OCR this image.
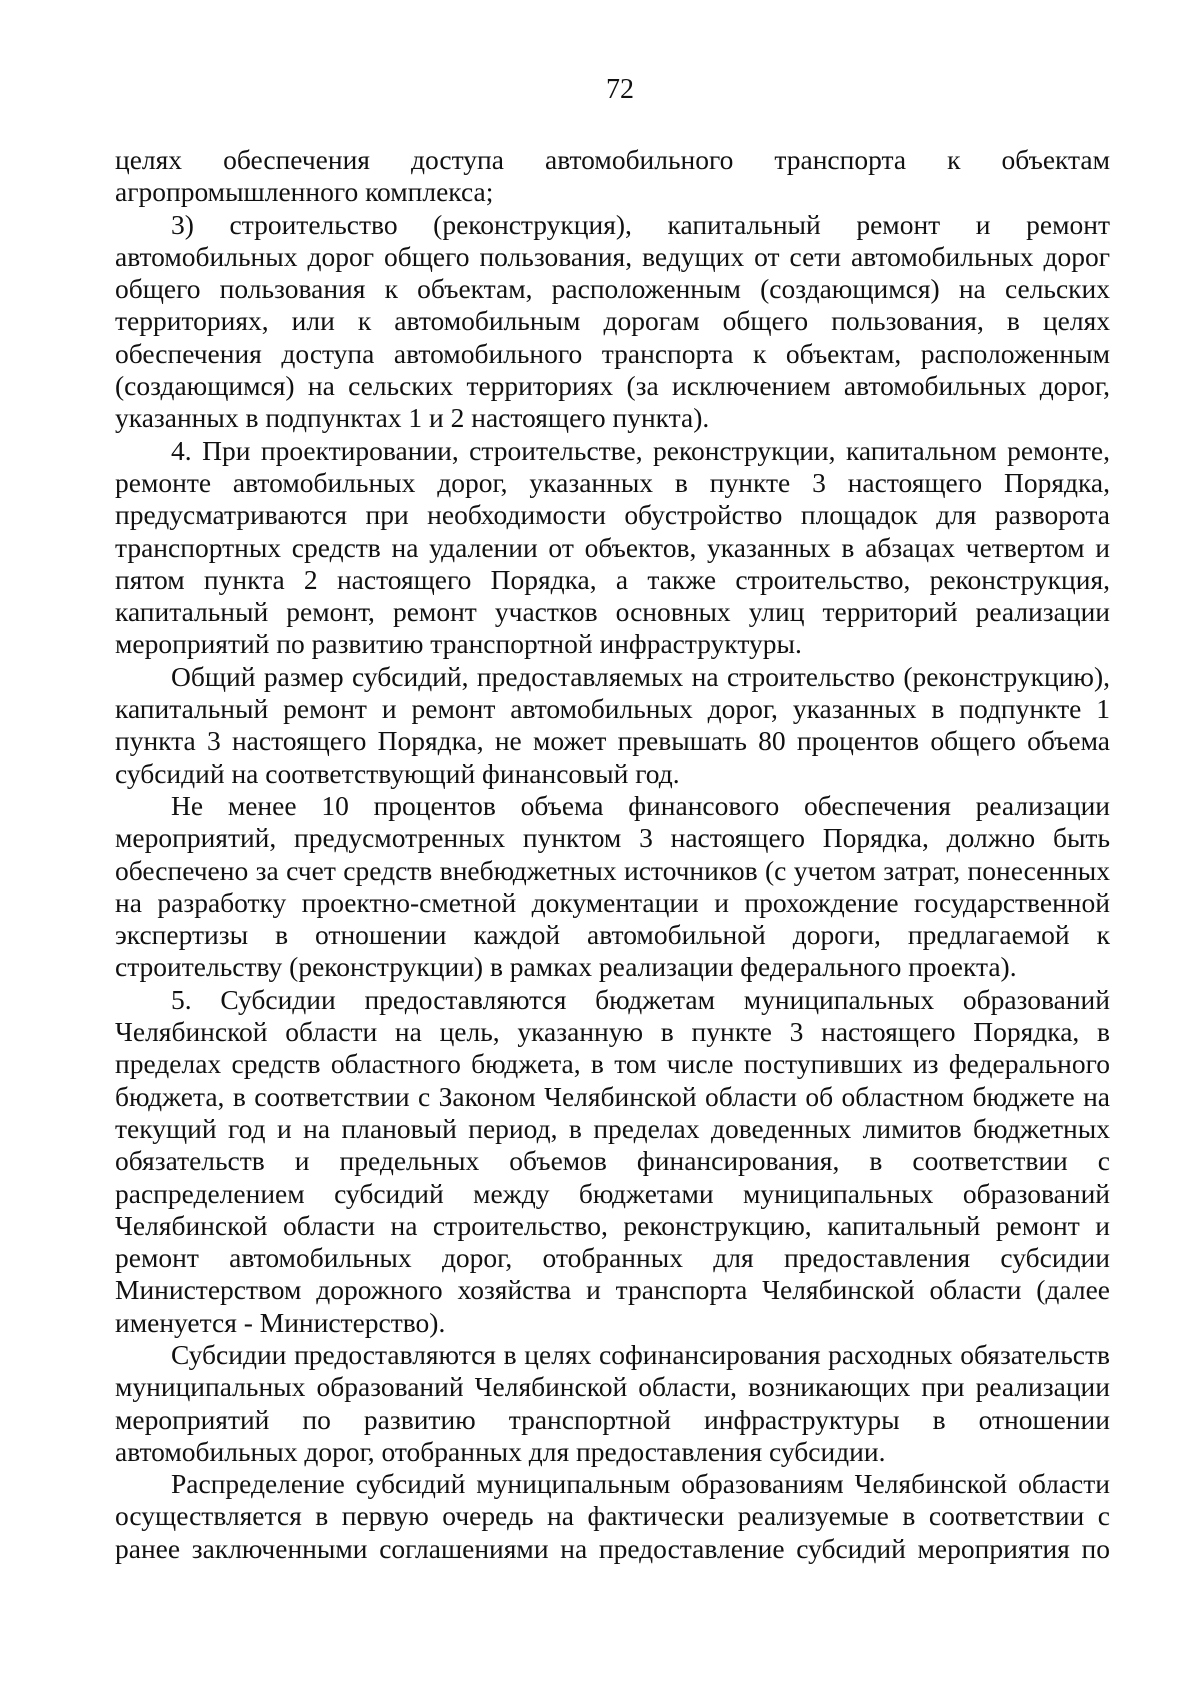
72

целях обеспечения доступа автомобильного транспорта к объектам агропромышленного комплекса;

3) строительство (реконструкция), капитальный ремонт и ремонт автомобильных дорог общего пользования, ведущих от сети автомобильных дорог общего пользования к объектам, расположенным (создающимся) на сельских территориях, или к автомобильным дорогам общего пользования, в целях обеспечения доступа автомобильного транспорта к объектам, расположенным (создающимся) на сельских территориях (за исключением автомобильных дорог, указанных в подпунктах 1 и 2 настоящего пункта).

4. При проектировании, строительстве, реконструкции, капитальном ремонте, ремонте автомобильных дорог, указанных в пункте 3 настоящего Порядка, предусматриваются при необходимости обустройство площадок для разворота транспортных средств на удалении от объектов, указанных в абзацах четвертом и пятом пункта 2 настоящего Порядка, а также строительство, реконструкция, капитальный ремонт, ремонт участков основных улиц территорий реализации мероприятий по развитию транспортной инфраструктуры.

Общий размер субсидий, предоставляемых на строительство (реконструкцию), капитальный ремонт и ремонт автомобильных дорог, указанных в подпункте 1 пункта 3 настоящего Порядка, не может превышать 80 процентов общего объема субсидий на соответствующий финансовый год.

Не менее 10 процентов объема финансового обеспечения реализации мероприятий, предусмотренных пунктом 3 настоящего Порядка, должно быть обеспечено за счет средств внебюджетных источников (с учетом затрат, понесенных на разработку проектно-сметной документации и прохождение государственной экспертизы в отношении каждой автомобильной дороги, предлагаемой к строительству (реконструкции) в рамках реализации федерального проекта).

5. Субсидии предоставляются бюджетам муниципальных образований Челябинской области на цель, указанную в пункте 3 настоящего Порядка, в пределах средств областного бюджета, в том числе поступивших из федерального бюджета, в соответствии с Законом Челябинской области об областном бюджете на текущий год и на плановый период, в пределах доведенных лимитов бюджетных обязательств и предельных объемов финансирования, в соответствии с распределением субсидий между бюджетами муниципальных образований Челябинской области на строительство, реконструкцию, капитальный ремонт и ремонт автомобильных дорог, отобранных для предоставления субсидии Министерством дорожного хозяйства и транспорта Челябинской области (далее именуется - Министерство).

Субсидии предоставляются в целях софинансирования расходных обязательств муниципальных образований Челябинской области, возникающих при реализации мероприятий по развитию транспортной инфраструктуры в отношении автомобильных дорог, отобранных для предоставления субсидии.

Распределение субсидий муниципальным образованиям Челябинской области осуществляется в первую очередь на фактически реализуемые в соответствии с ранее заключенными соглашениями на предоставление субсидий мероприятия по
